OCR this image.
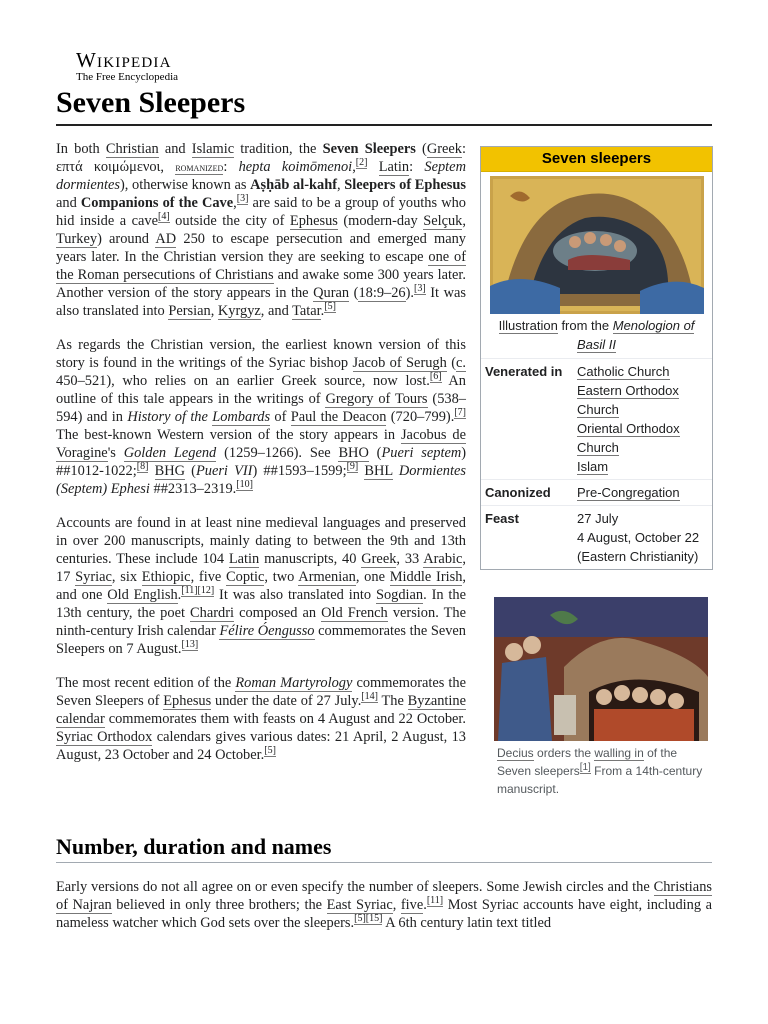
Wikipedia
The Free Encyclopedia
Seven Sleepers

In both Christian and Islamic tradition, the Seven Sleepers (Greek: επτά κοιμώμενοι, romanized: hepta koimōmenoi,[2] Latin: Septem dormientes), otherwise known as Aṣḥāb al-kahf, Sleepers of Ephesus and Companions of the Cave,[3] are said to be a group of youths who hid inside a cave[4] outside the city of Ephesus (modern-day Selçuk, Turkey) around AD 250 to escape persecution and emerged many years later. In the Christian version they are seeking to escape one of the Roman persecutions of Christians and awake some 300 years later. Another version of the story appears in the Quran (18:9–26).[3] It was also translated into Persian, Kyrgyz, and Tatar.[5]

As regards the Christian version, the earliest known version of this story is found in the writings of the Syriac bishop Jacob of Serugh (c. 450–521), who relies on an earlier Greek source, now lost.[6] An outline of this tale appears in the writings of Gregory of Tours (538–594) and in History of the Lombards of Paul the Deacon (720–799).[7] The best-known Western version of the story appears in Jacobus de Voragine's Golden Legend (1259–1266). See BHO (Pueri septem) ##1012-1022;[8] BHG (Pueri VII) ##1593–1599;[9] BHL Dormientes (Septem) Ephesi ##2313–2319.[10]

Accounts are found in at least nine medieval languages and preserved in over 200 manuscripts, mainly dating to between the 9th and 13th centuries. These include 104 Latin manuscripts, 40 Greek, 33 Arabic, 17 Syriac, six Ethiopic, five Coptic, two Armenian, one Middle Irish, and one Old English.[11][12] It was also translated into Sogdian. In the 13th century, the poet Chardri composed an Old French version. The ninth-century Irish calendar Félire Óengusso commemorates the Seven Sleepers on 7 August.[13]

The most recent edition of the Roman Martyrology commemorates the Seven Sleepers of Ephesus under the date of 27 July.[14] The Byzantine calendar commemorates them with feasts on 4 August and 22 October. Syriac Orthodox calendars gives various dates: 21 April, 2 August, 13 August, 23 October and 24 October.[5]

Seven sleepers
Illustration from the Menologion of Basil II
Venerated in	Catholic Church
Eastern Orthodox Church
Oriental Orthodox Church
Islam
Canonized	Pre-Congregation
Feast	27 July
4 August, October 22 (Eastern Christianity)
Decius orders the walling in of the Seven sleepers[1] From a 14th-century manuscript.
Number, duration and names

Early versions do not all agree on or even specify the number of sleepers. Some Jewish circles and the Christians of Najran believed in only three brothers; the East Syriac, five.[11] Most Syriac accounts have eight, including a nameless watcher which God sets over the sleepers.[5][15] A 6th century latin text titled
